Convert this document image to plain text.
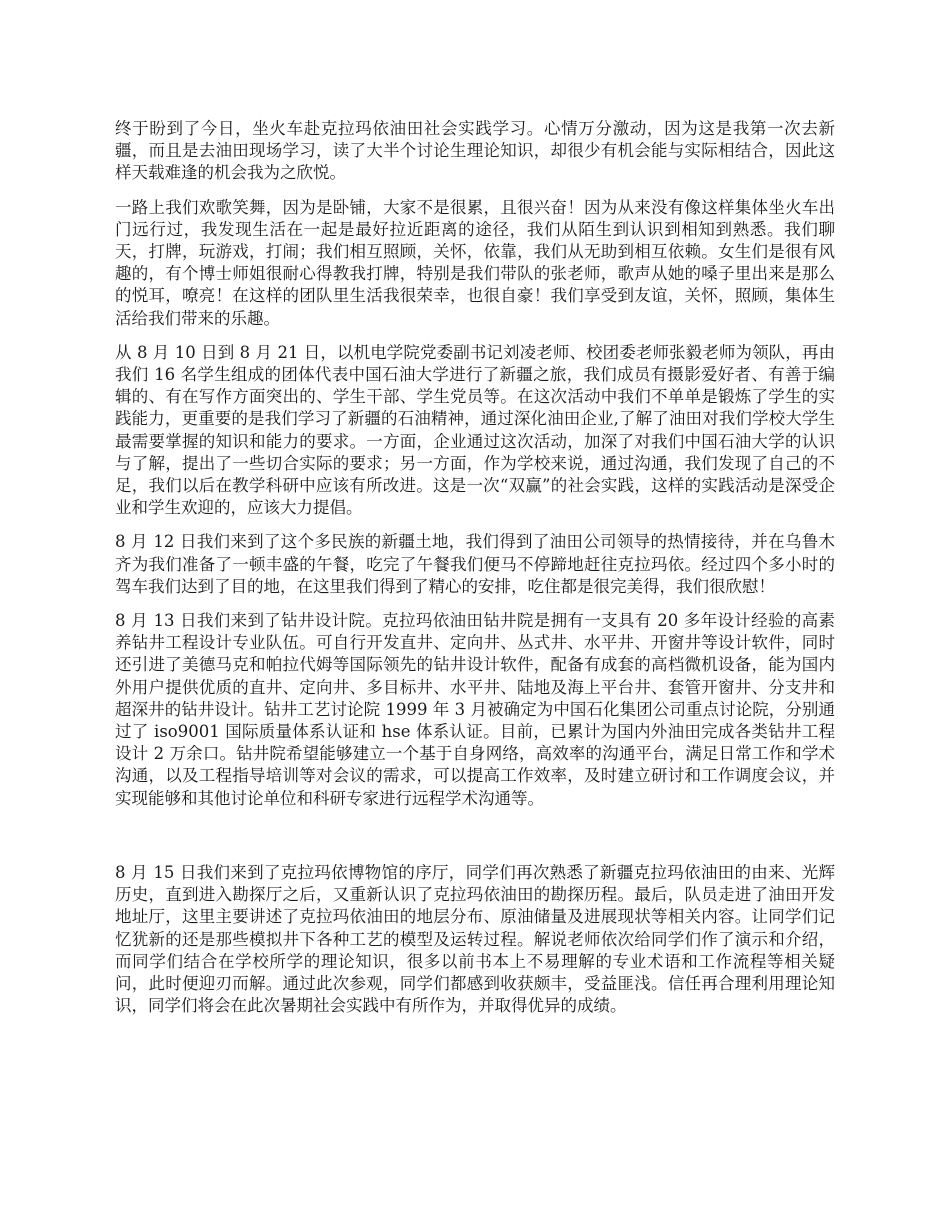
终于盼到了今日，坐火车赴克拉玛依油田社会实践学习。心情万分激动，因为这是我第一次去新疆，而且是去油田现场学习，读了大半个讨论生理论知识，却很少有机会能与实际相结合，因此这样天载难逢的机会我为之欣悦。

一路上我们欢歌笑舞，因为是卧铺，大家不是很累，且很兴奋！因为从来没有像这样集体坐火车出门远行过，我发现生活在一起是最好拉近距离的途径，我们从陌生到认识到相知到熟悉。我们聊天，打牌，玩游戏，打闹；我们相互照顾，关怀，依靠，我们从无助到相互依赖。女生们是很有风趣的，有个博士师姐很耐心得教我打牌，特别是我们带队的张老师，歌声从她的嗓子里出来是那么的悦耳，嘹亮！在这样的团队里生活我很荣幸，也很自豪！我们享受到友谊，关怀，照顾，集体生活给我们带来的乐趣。

从 8 月 10 日到 8 月 21 日，以机电学院党委副书记刘凌老师、校团委老师张毅老师为领队，再由我们 16 名学生组成的团体代表中国石油大学进行了新疆之旅，我们成员有摄影爱好者、有善于编辑的、有在写作方面突出的、学生干部、学生党员等。在这次活动中我们不单单是锻炼了学生的实践能力，更重要的是我们学习了新疆的石油精神，通过深化油田企业,了解了油田对我们学校大学生最需要掌握的知识和能力的要求。一方面，企业通过这次活动，加深了对我们中国石油大学的认识与了解，提出了一些切合实际的要求；另一方面，作为学校来说，通过沟通，我们发现了自己的不足，我们以后在教学科研中应该有所改进。这是一次“双赢”的社会实践，这样的实践活动是深受企业和学生欢迎的，应该大力提倡。

8 月 12 日我们来到了这个多民族的新疆土地，我们得到了油田公司领导的热情接待，并在乌鲁木齐为我们准备了一顿丰盛的午餐，吃完了午餐我们便马不停蹄地赶往克拉玛依。经过四个多小时的驾车我们达到了目的地，在这里我们得到了精心的安排，吃住都是很完美得，我们很欣慰！

8 月 13 日我们来到了钻井设计院。克拉玛依油田钻井院是拥有一支具有 20 多年设计经验的高素养钻井工程设计专业队伍。可自行开发直井、定向井、丛式井、水平井、开窗井等设计软件，同时还引进了美德马克和帕拉代姆等国际领先的钻井设计软件，配备有成套的高档微机设备，能为国内外用户提供优质的直井、定向井、多目标井、水平井、陆地及海上平台井、套管开窗井、分支井和超深井的钻井设计。钻井工艺讨论院 1999 年 3 月被确定为中国石化集团公司重点讨论院，分别通过了 iso9001 国际质量体系认证和 hse 体系认证。目前，已累计为国内外油田完成各类钻井工程设计 2 万余口。钻井院希望能够建立一个基于自身网络，高效率的沟通平台，满足日常工作和学术沟通，以及工程指导培训等对会议的需求，可以提高工作效率，及时建立研讨和工作调度会议，并实现能够和其他讨论单位和科研专家进行远程学术沟通等。

8 月 15 日我们来到了克拉玛依博物馆的序厅，同学们再次熟悉了新疆克拉玛依油田的由来、光辉历史，直到进入勘探厅之后，又重新认识了克拉玛依油田的勘探历程。最后，队员走进了油田开发地址厅，这里主要讲述了克拉玛依油田的地层分布、原油储量及进展现状等相关内容。让同学们记忆犹新的还是那些模拟井下各种工艺的模型及运转过程。解说老师依次给同学们作了演示和介绍，而同学们结合在学校所学的理论知识，很多以前书本上不易理解的专业术语和工作流程等相关疑问，此时便迎刃而解。通过此次参观，同学们都感到收获颇丰，受益匪浅。信任再合理利用理论知识，同学们将会在此次暑期社会实践中有所作为，并取得优异的成绩。
